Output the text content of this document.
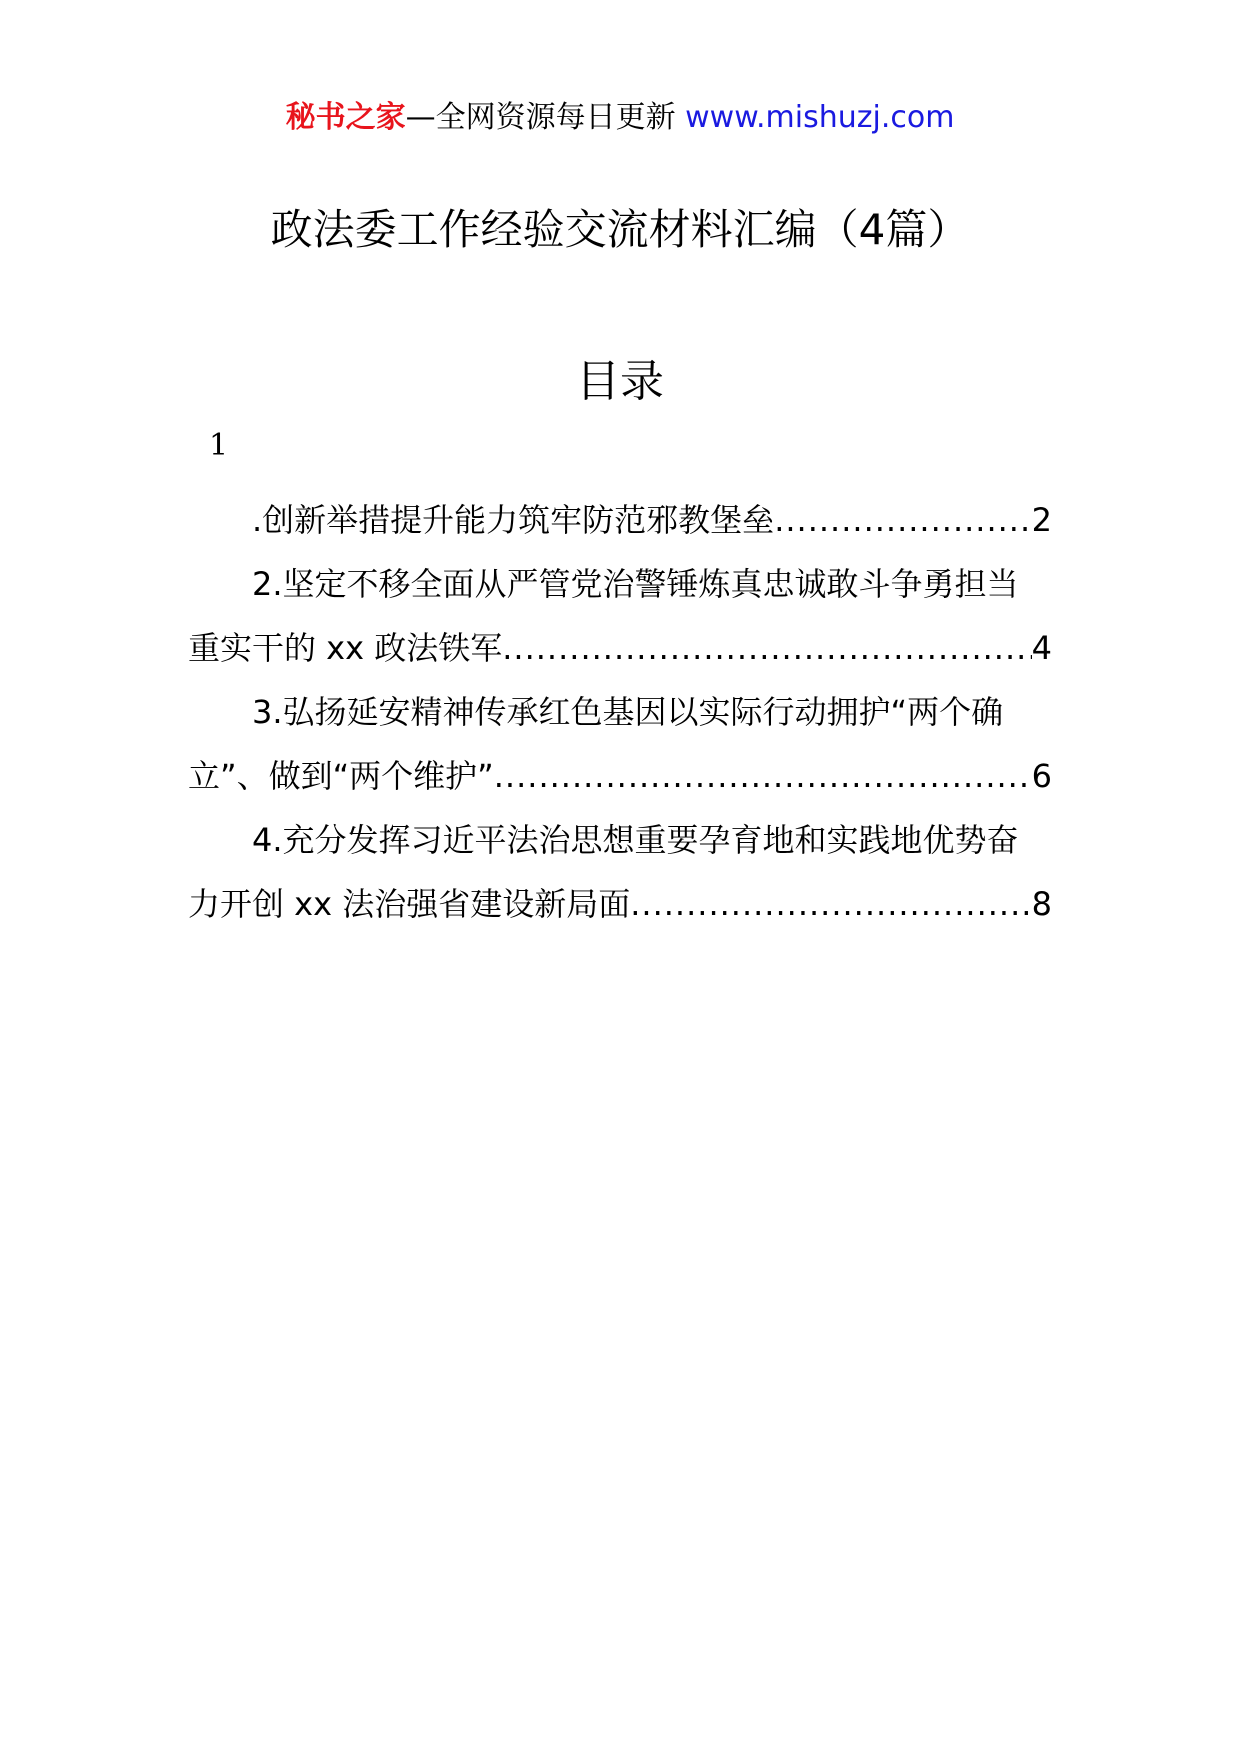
秘书之家—全网资源每日更新 www.mishuzj.com
政法委工作经验交流材料汇编（4篇）
目录
1
.创新举措提升能力筑牢防范邪教堡垒 .....	2
2.坚定不移全面从严管党治警锤炼真忠诚敢斗争勇担当
重实干的 xx 政法铁军 .....	4
3.弘扬延安精神传承红色基因以实际行动拥护“两个确
立”、做到“两个维护” .....	6
4.充分发挥习近平法治思想重要孕育地和实践地优势奋
力开创 xx 法治强省建设新局面 .....	8
